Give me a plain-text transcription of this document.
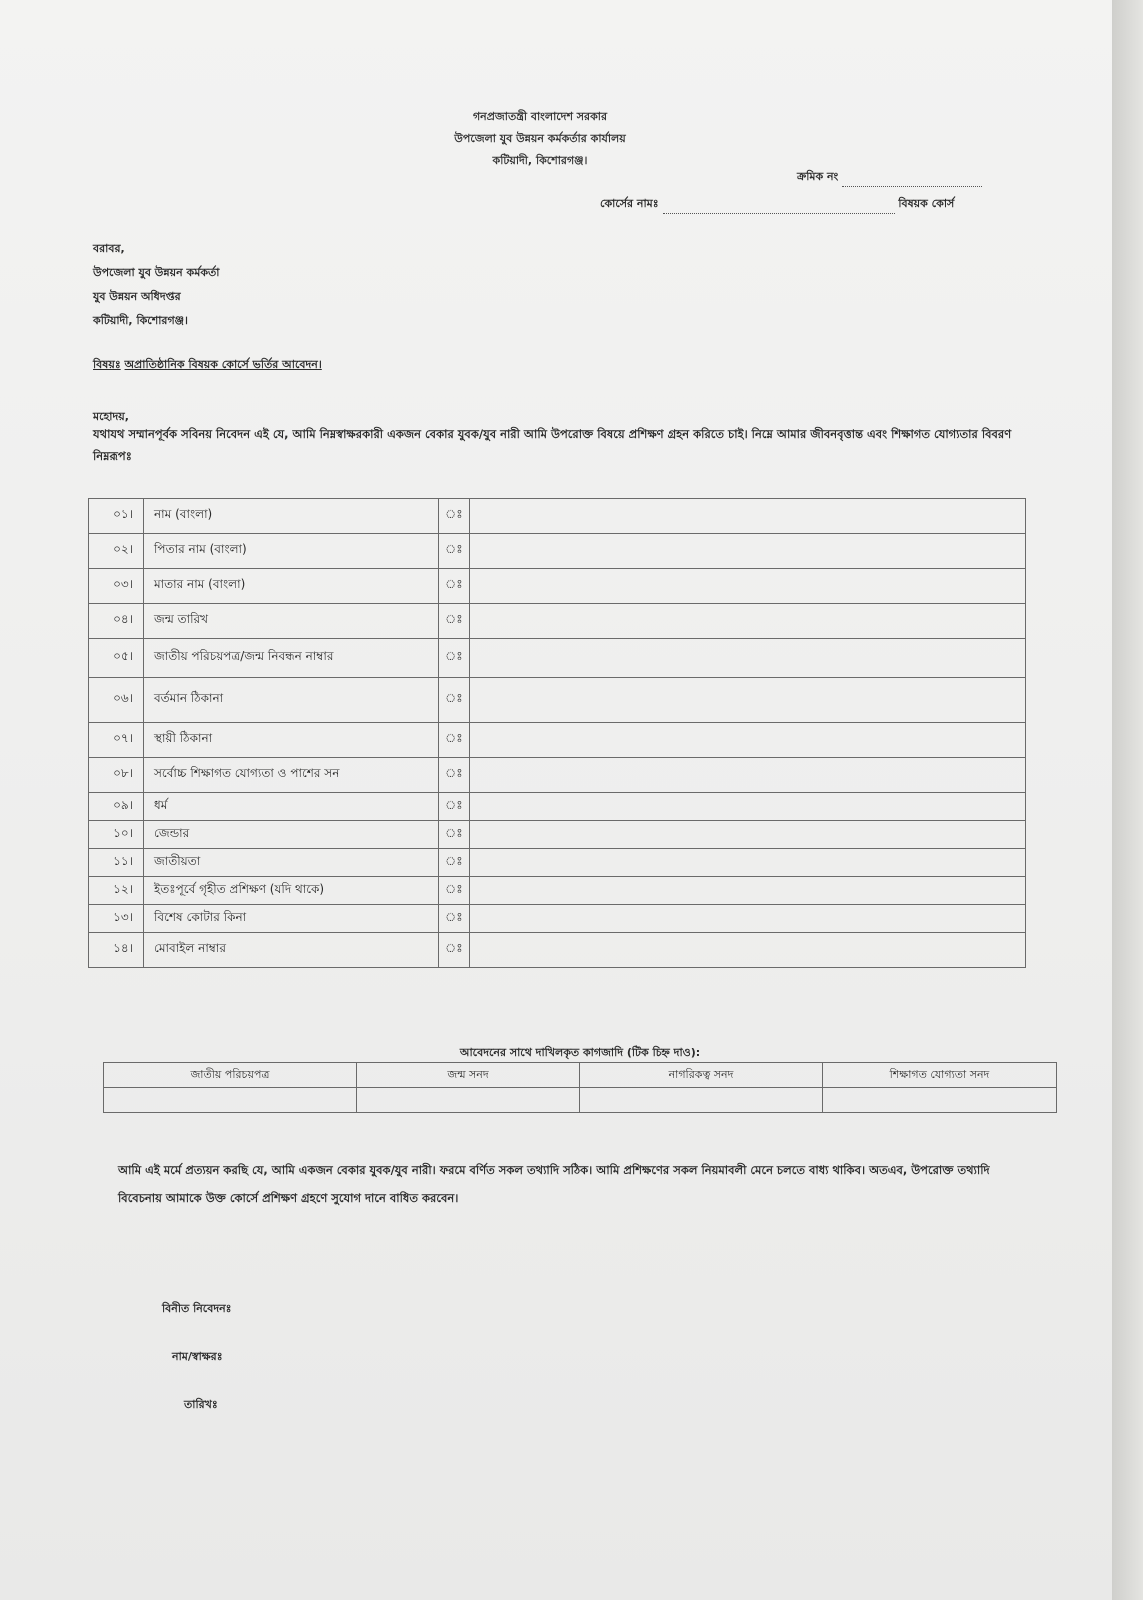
গনপ্রজাতন্ত্রী বাংলাদেশ সরকার
উপজেলা যুব উন্নয়ন কর্মকর্তার কার্যালয়
কটিয়াদী, কিশোরগঞ্জ।
ক্রমিক নং
কোর্সের নামঃ	বিষয়ক কোর্স
বরাবর,
উপজেলা যুব উন্নয়ন কর্মকর্তা
যুব উন্নয়ন অধিদপ্তর
কটিয়াদী, কিশোরগঞ্জ।
বিষয়ঃ অপ্রাতিষ্ঠানিক বিষয়ক কোর্সে ভর্তির আবেদন।
মহোদয়,
যথাযথ সম্মানপূর্বক সবিনয় নিবেদন এই যে, আমি নিম্নস্বাক্ষরকারী একজন বেকার যুবক/যুব নারী আমি উপরোক্ত বিষয়ে প্রশিক্ষণ গ্রহন করিতে চাই। নিম্নে আমার জীবনবৃত্তান্ত এবং শিক্ষাগত যোগ্যতার বিবরণ নিম্নরূপঃ
০১।	নাম (বাংলা)	ঃ	
০২।	পিতার নাম (বাংলা)	ঃ	
০৩।	মাতার নাম (বাংলা)	ঃ	
০৪।	জন্ম তারিখ	ঃ	
০৫।	জাতীয় পরিচয়পত্র/জন্ম নিবন্ধন নাম্বার	ঃ	
০৬।	বর্তমান ঠিকানা	ঃ	
০৭।	স্থায়ী ঠিকানা	ঃ	
০৮।	সর্বোচ্চ শিক্ষাগত যোগ্যতা ও পাশের সন	ঃ	
০৯।	ধর্ম	ঃ	
১০।	জেন্ডার	ঃ	
১১।	জাতীয়তা	ঃ	
১২।	ইতঃপূর্বে গৃহীত প্রশিক্ষণ (যদি থাকে)	ঃ	
১৩।	বিশেষ কোটার কিনা	ঃ	
১৪।	মোবাইল নাম্বার	ঃ	
আবেদনের সাথে দাখিলকৃত কাগজাদি (টিক চিহ্ন দাও):
জাতীয় পরিচয়পত্র	জন্ম সনদ	নাগরিকত্ব সনদ	শিক্ষাগত যোগ্যতা সনদ

আমি এই মর্মে প্রত্যয়ন করছি যে, আমি একজন বেকার যুবক/যুব নারী। ফরমে বর্ণিত সকল তথ্যাদি সঠিক। আমি প্রশিক্ষণের সকল নিয়মাবলী মেনে চলতে বাধ্য থাকিব। অতএব, উপরোক্ত তথ্যাদি বিবেচনায় আমাকে উক্ত কোর্সে প্রশিক্ষণ গ্রহণে সুযোগ দানে বাধিত করবেন।
বিনীত নিবেদনঃ
নাম/স্বাক্ষরঃ
তারিখঃ
